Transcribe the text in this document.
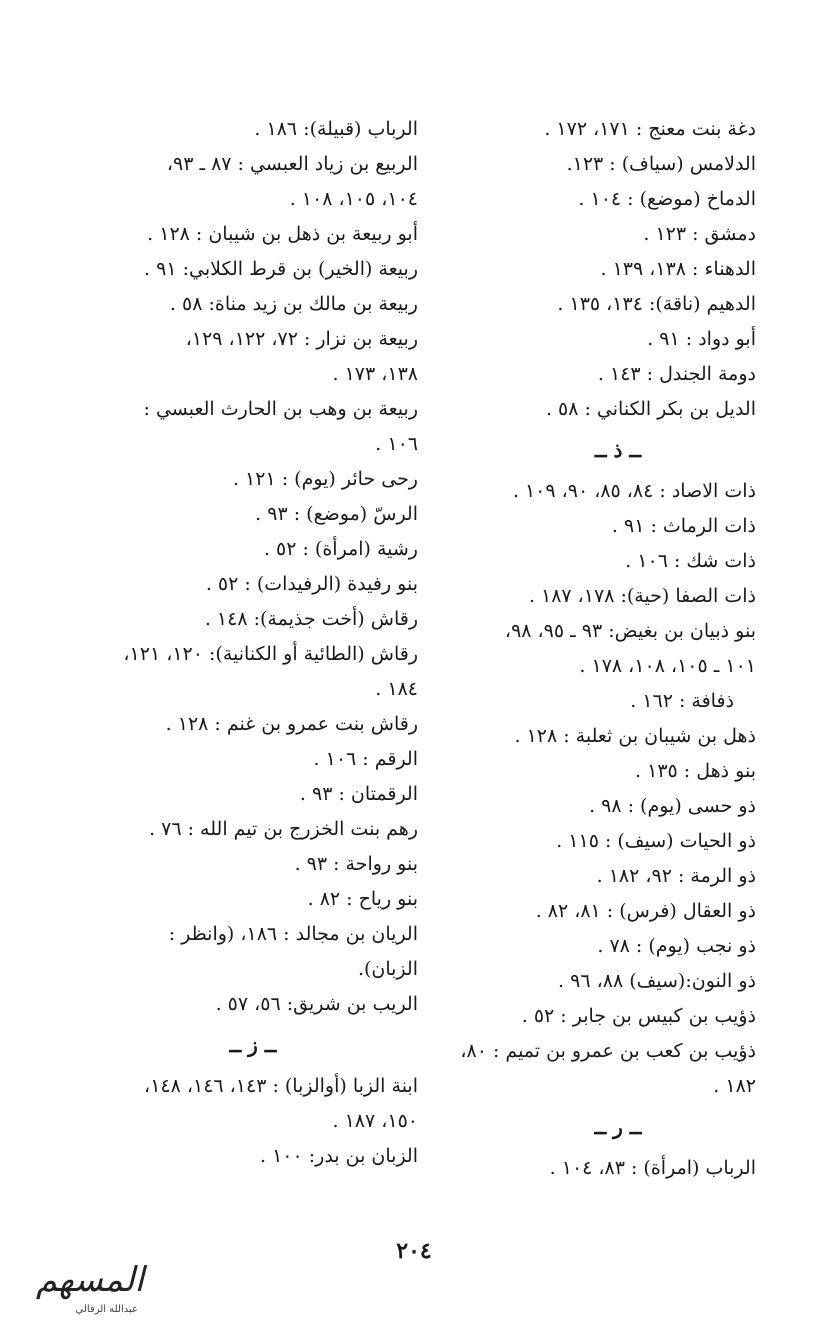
دغة بنت معنج : ١٧١، ١٧٢ .
الدلامس (سياف) : ١٢٣.
الدماخ (موضع) : ١٠٤ .
دمشق : ١٢٣ .
الدهناء : ١٣٨، ١٣٩ .
الدهيم (ناقة): ١٣٤، ١٣٥ .
أبو دواد : ٩١ .
دومة الجندل : ١٤٣ .
الديل بن بكر الكناني : ٥٨ .
ــ ذ ــ
ذات الاصاد : ٨٤، ٨٥، ٩٠، ١٠٩ .
ذات الرماث : ٩١ .
ذات شك : ١٠٦ .
ذات الصفا (حية): ١٧٨، ١٨٧ .
بنو ذبيان بن بغيض: ٩٣ ـ ٩٥، ٩٨،
١٠١ ـ ١٠٥، ١٠٨، ١٧٨ .
ذفافة : ١٦٢ .
ذهل بن شيبان بن ثعلبة : ١٢٨ .
بنو ذهل : ١٣٥ .
ذو حسى (يوم) : ٩٨ .
ذو الحيات (سيف) : ١١٥ .
ذو الرمة : ٩٢، ١٨٢ .
ذو العقال (فرس) : ٨١، ٨٢ .
ذو نجب (يوم) : ٧٨ .
ذو النون:(سيف) ٨٨، ٩٦ .
ذؤيب بن كبيس بن جابر : ٥٢ .
ذؤيب بن كعب بن عمرو بن تميم : ٨٠،
١٨٢ .
ــ ر ــ
الرباب (امرأة) : ٨٣، ١٠٤ .
الرباب (قبيلة): ١٨٦ .
الربيع بن زياد العبسي : ٨٧ ـ ٩٣،
١٠٤، ١٠٥، ١٠٨ .
أبو ربيعة بن ذهل بن شيبان : ١٢٨ .
ربيعة (الخير) بن قرط الكلابي: ٩١ .
ربيعة بن مالك بن زيد مناة: ٥٨ .
ربيعة بن نزار : ٧٢، ١٢٢، ١٢٩،
١٣٨، ١٧٣ .
ربيعة بن وهب بن الحارث العبسي :
١٠٦ .
رحى حائر (يوم) : ١٢١ .
الرسّ (موضع) : ٩٣ .
رشية (امرأة) : ٥٢ .
بنو رفيدة (الرفيدات) : ٥٢ .
رقاش (أخت جذيمة): ١٤٨ .
رقاش (الطائية أو الكنانية): ١٢٠، ١٢١،
١٨٤ .
رقاش بنت عمرو بن غنم : ١٢٨ .
الرقم : ١٠٦ .
الرقمتان : ٩٣ .
رهم بنت الخزرج بن تيم الله : ٧٦ .
بنو رواحة : ٩٣ .
بنو رياح : ٨٢ .
الريان بن مجالد : ١٨٦، (وانظر :
الزبان).
الريب بن شريق: ٥٦، ٥٧ .
ــ ز ــ
ابنة الزبا (أوالزبا) : ١٤٣، ١٤٦، ١٤٨،
١٥٠، ١٨٧ .
الزبان بن بدر: ١٠٠ .
٢٠٤
المسهم
عبدالله الرقالي
